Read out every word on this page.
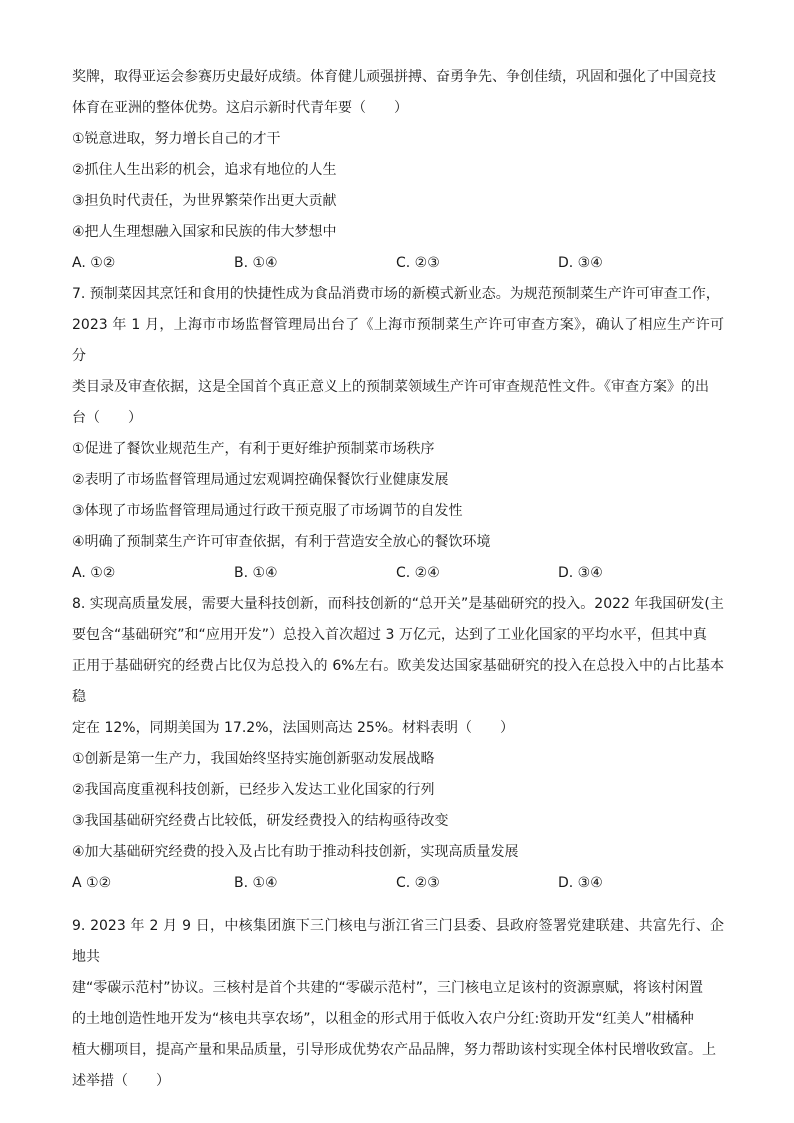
奖牌，取得亚运会参赛历史最好成绩。体育健儿顽强拼搏、奋勇争先、争创佳绩，巩固和强化了中国竞技

体育在亚洲的整体优势。这启示新时代青年要（　　）

①锐意进取，努力增长自己的才干

②抓住人生出彩的机会，追求有地位的人生

③担负时代责任，为世界繁荣作出更大贡献

④把人生理想融入国家和民族的伟大梦想中

A. ①②	B. ①④	C. ②③	D. ③④

7. 预制菜因其烹饪和食用的快捷性成为食品消费市场的新模式新业态。为规范预制菜生产许可审查工作，

2023 年 1 月，上海市市场监督管理局出台了《上海市预制菜生产许可审查方案》，确认了相应生产许可分

类目录及审查依据，这是全国首个真正意义上的预制菜领域生产许可审查规范性文件。《审查方案》的出

台（　　）

①促进了餐饮业规范生产，有利于更好维护预制菜市场秩序

②表明了市场监督管理局通过宏观调控确保餐饮行业健康发展

③体现了市场监督管理局通过行政干预克服了市场调节的自发性

④明确了预制菜生产许可审查依据，有利于营造安全放心的餐饮环境

A. ①②	B. ①④	C. ②④	D. ③④

8. 实现高质量发展，需要大量科技创新，而科技创新的“总开关”是基础研究的投入。2022 年我国研发(主

要包含“基础研究”和“应用开发”）总投入首次超过 3 万亿元，达到了工业化国家的平均水平，但其中真

正用于基础研究的经费占比仅为总投入的 6%左右。欧美发达国家基础研究的投入在总投入中的占比基本稳

定在 12%，同期美国为 17.2%，法国则高达 25%。材料表明（　　）

①创新是第一生产力，我国始终坚持实施创新驱动发展战略

②我国高度重视科技创新，已经步入发达工业化国家的行列

③我国基础研究经费占比较低，研发经费投入的结构亟待改变

④加大基础研究经费的投入及占比有助于推动科技创新，实现高质量发展

A ①②	B. ①④	C. ②③	D. ③④

9. 2023 年 2 月 9 日，中核集团旗下三门核电与浙江省三门县委、县政府签署党建联建、共富先行、企地共

建“零碳示范村”协议。三核村是首个共建的“零碳示范村”，三门核电立足该村的资源禀赋，将该村闲置

的土地创造性地开发为“核电共享农场”，以租金的形式用于低收入农户分红:资助开发“红美人”柑橘种

植大棚项目，提高产量和果品质量，引导形成优势农产品品牌，努力帮助该村实现全体村民增收致富。上

述举措（　　）
